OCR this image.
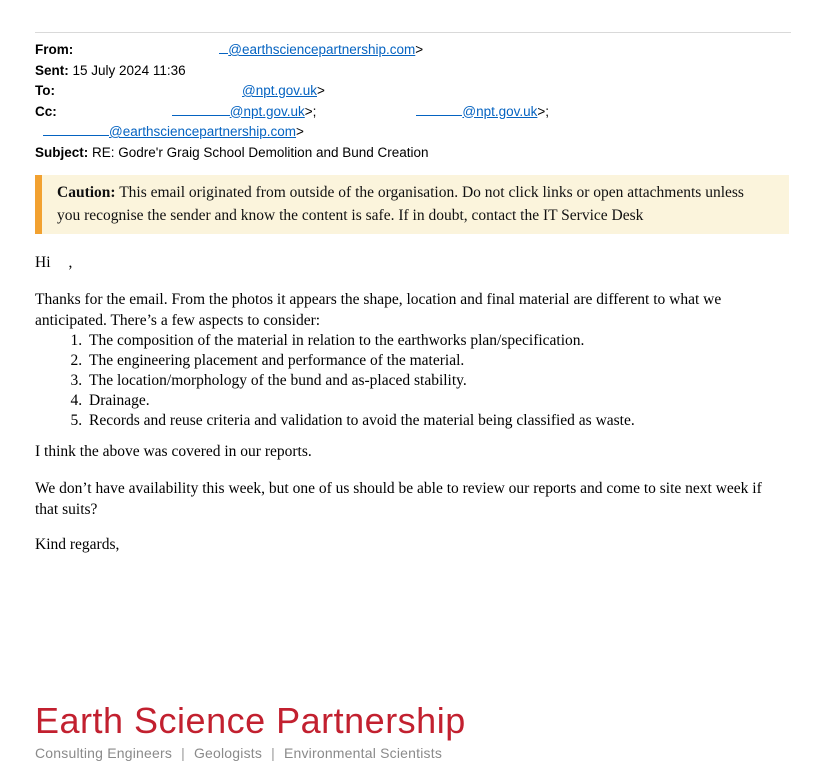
From:	@earthsciencepartnership.com>
Sent: 15 July 2024 11:36
To:	@npt.gov.uk>
Cc:	@npt.gov.uk>;	@npt.gov.uk>;
@earthsciencepartnership.com>
Subject: RE: Godre'r Graig School Demolition and Bund Creation
Caution: This email originated from outside of the organisation. Do not click links or open attachments unless you recognise the sender and know the content is safe. If in doubt, contact the IT Service Desk
Hi ,
Thanks for the email. From the photos it appears the shape, location and final material are different to what we anticipated. There’s a few aspects to consider:
1. The composition of the material in relation to the earthworks plan/specification.
2. The engineering placement and performance of the material.
3. The location/morphology of the bund and as-placed stability.
4. Drainage.
5. Records and reuse criteria and validation to avoid the material being classified as waste.
I think the above was covered in our reports.
We don’t have availability this week, but one of us should be able to review our reports and come to site next week if that suits?
Kind regards,
Earth Science Partnership
Consulting Engineers | Geologists | Environmental Scientists
